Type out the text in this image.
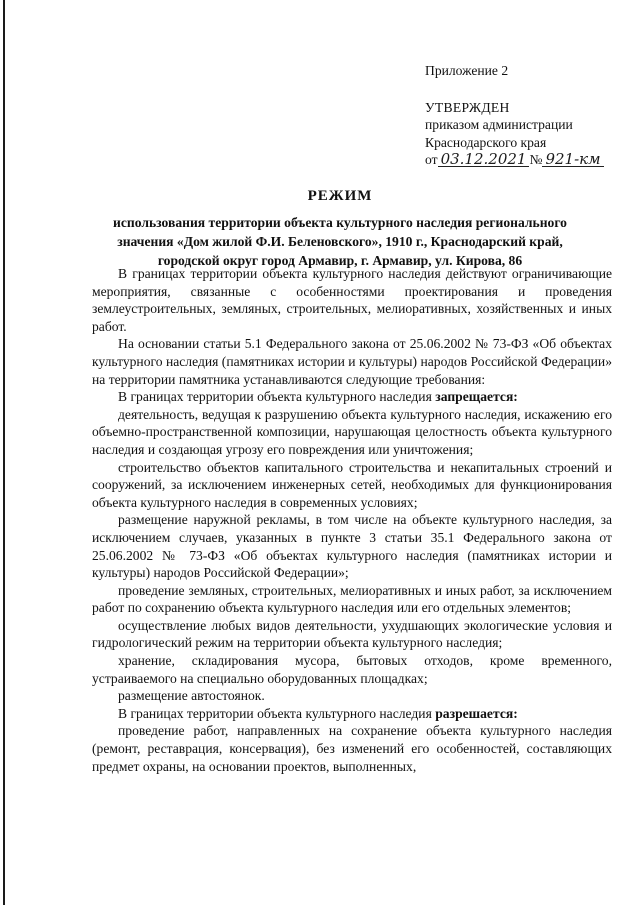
Приложение 2
УТВЕРЖДЕН
приказом администрации
Краснодарского края
от 03.12.2021 № 921-км
РЕЖИМ
использования территории объекта культурного наследия регионального
значения «Дом жилой Ф.И. Беленовского», 1910 г., Краснодарский край,
городской округ город Армавир, г. Армавир, ул. Кирова, 86

В границах территории объекта культурного наследия действуют ограничивающие мероприятия, связанные с особенностями проектирования и проведения землеустроительных, земляных, строительных, мелиоративных, хозяйственных и иных работ.

На основании статьи 5.1 Федерального закона от 25.06.2002 № 73-ФЗ «Об объектах культурного наследия (памятниках истории и культуры) народов Российской Федерации» на территории памятника устанавливаются следующие требования:

В границах территории объекта культурного наследия запрещается:

деятельность, ведущая к разрушению объекта культурного наследия, искажению его объемно-пространственной композиции, нарушающая целостность объекта культурного наследия и создающая угрозу его повреждения или уничтожения;

строительство объектов капитального строительства и некапитальных строений и сооружений, за исключением инженерных сетей, необходимых для функционирования объекта культурного наследия в современных условиях;

размещение наружной рекламы, в том числе на объекте культурного наследия, за исключением случаев, указанных в пункте 3 статьи 35.1 Федерального закона от 25.06.2002 № 73-ФЗ «Об объектах культурного наследия (памятниках истории и культуры) народов Российской Федерации»;

проведение земляных, строительных, мелиоративных и иных работ, за исключением работ по сохранению объекта культурного наследия или его отдельных элементов;

осуществление любых видов деятельности, ухудшающих экологические условия и гидрологический режим на территории объекта культурного наследия;

хранение, складирования мусора, бытовых отходов, кроме временного, устраиваемого на специально оборудованных площадках;

размещение автостоянок.

В границах территории объекта культурного наследия разрешается:

проведение работ, направленных на сохранение объекта культурного наследия (ремонт, реставрация, консервация), без изменений его особенностей, составляющих предмет охраны, на основании проектов, выполненных,
